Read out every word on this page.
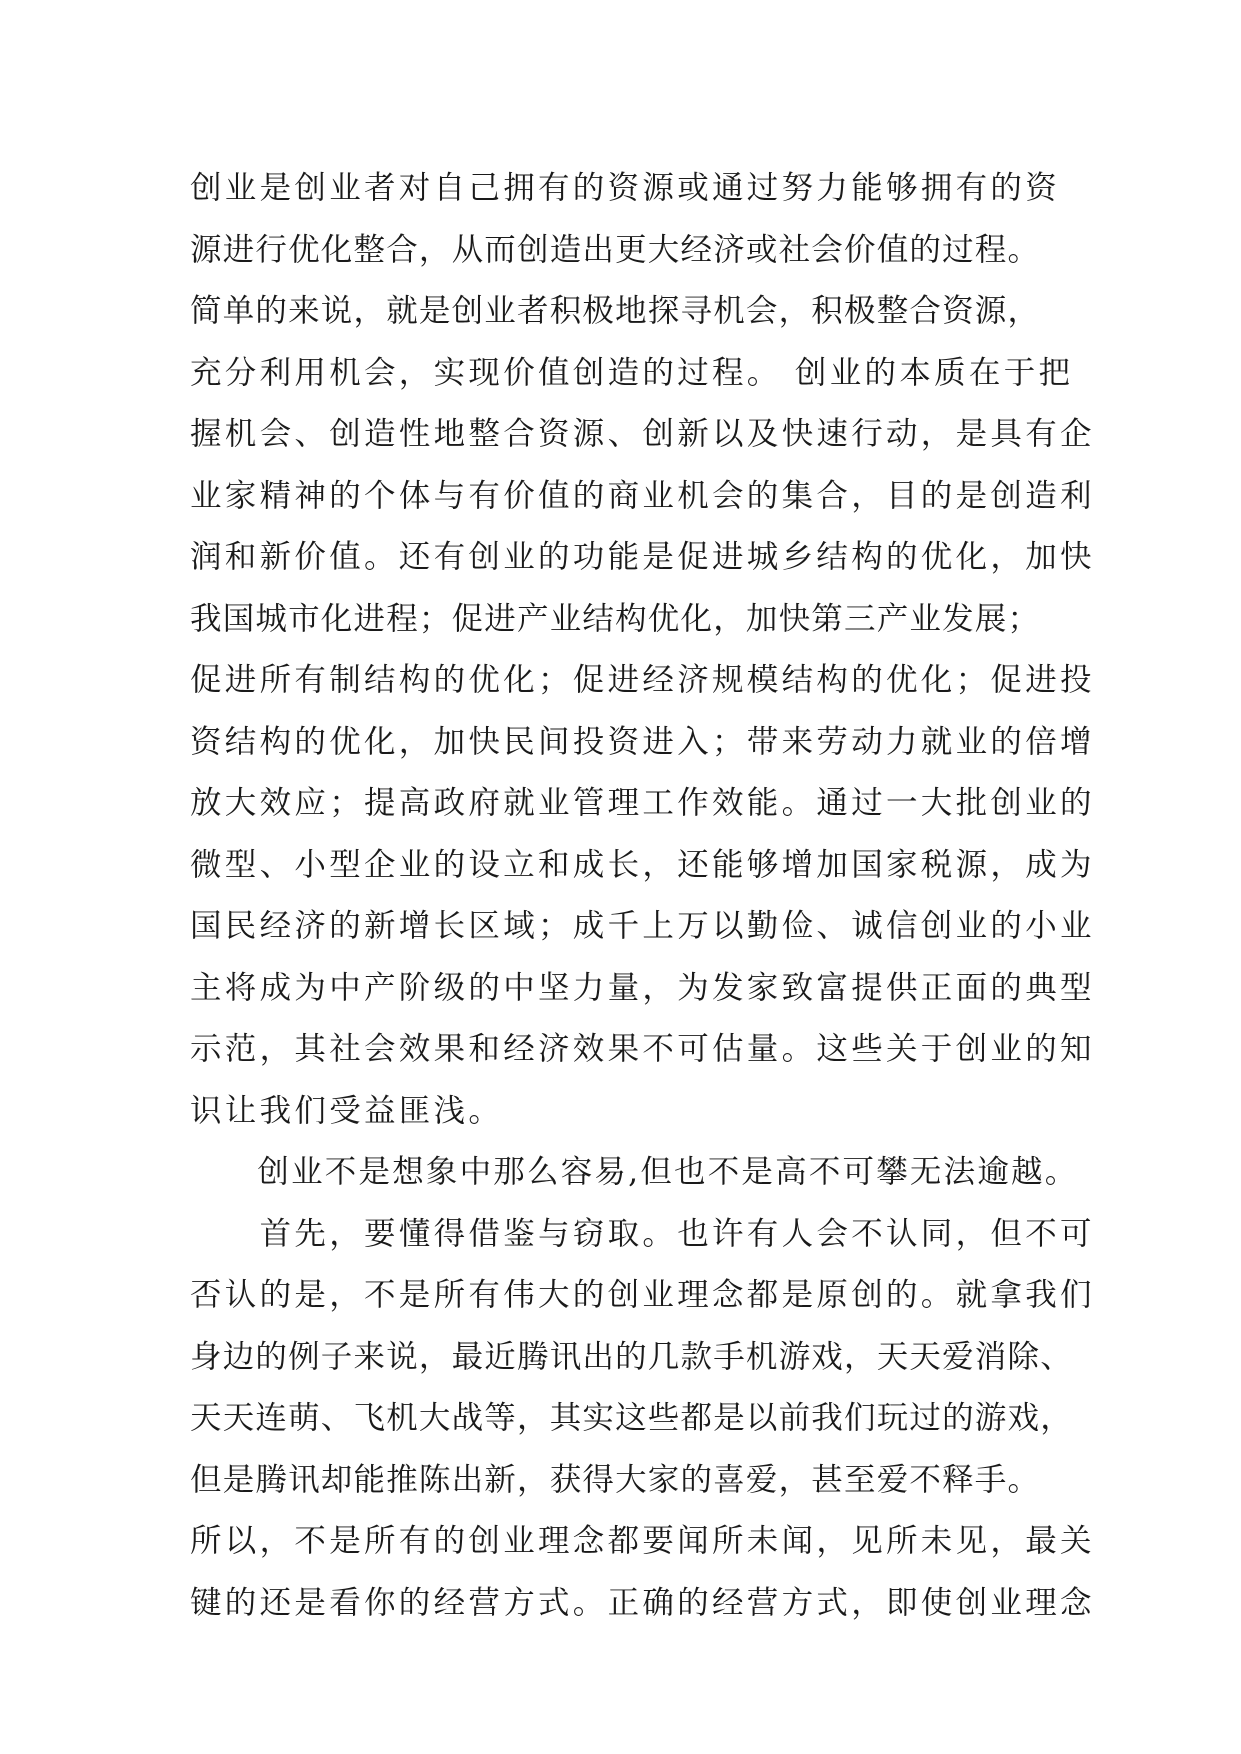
创业是创业者对自己拥有的资源或通过努力能够拥有的资
源进行优化整合，从而创造出更大经济或社会价值的过程。
简单的来说，就是创业者积极地探寻机会，积极整合资源，
充分利用机会，实现价值创造的过程。 创业的本质在于把
握机会、创造性地整合资源、创新以及快速行动，是具有企
业家精神的个体与有价值的商业机会的集合，目的是创造利
润和新价值。还有创业的功能是促进城乡结构的优化，加快
我国城市化进程；促进产业结构优化，加快第三产业发展；
促进所有制结构的优化；促进经济规模结构的优化；促进投
资结构的优化，加快民间投资进入；带来劳动力就业的倍增
放大效应；提高政府就业管理工作效能。通过一大批创业的
微型、小型企业的设立和成长，还能够增加国家税源，成为
国民经济的新增长区域；成千上万以勤俭、诚信创业的小业
主将成为中产阶级的中坚力量，为发家致富提供正面的典型
示范，其社会效果和经济效果不可估量。这些关于创业的知
识让我们受益匪浅。
　　创业不是想象中那么容易,但也不是高不可攀无法逾越。
　　首先，要懂得借鉴与窃取。也许有人会不认同，但不可
否认的是，不是所有伟大的创业理念都是原创的。就拿我们
身边的例子来说，最近腾讯出的几款手机游戏，天天爱消除、
天天连萌、飞机大战等，其实这些都是以前我们玩过的游戏，
但是腾讯却能推陈出新，获得大家的喜爱，甚至爱不释手。
所以，不是所有的创业理念都要闻所未闻，见所未见，最关
键的还是看你的经营方式。正确的经营方式，即使创业理念
